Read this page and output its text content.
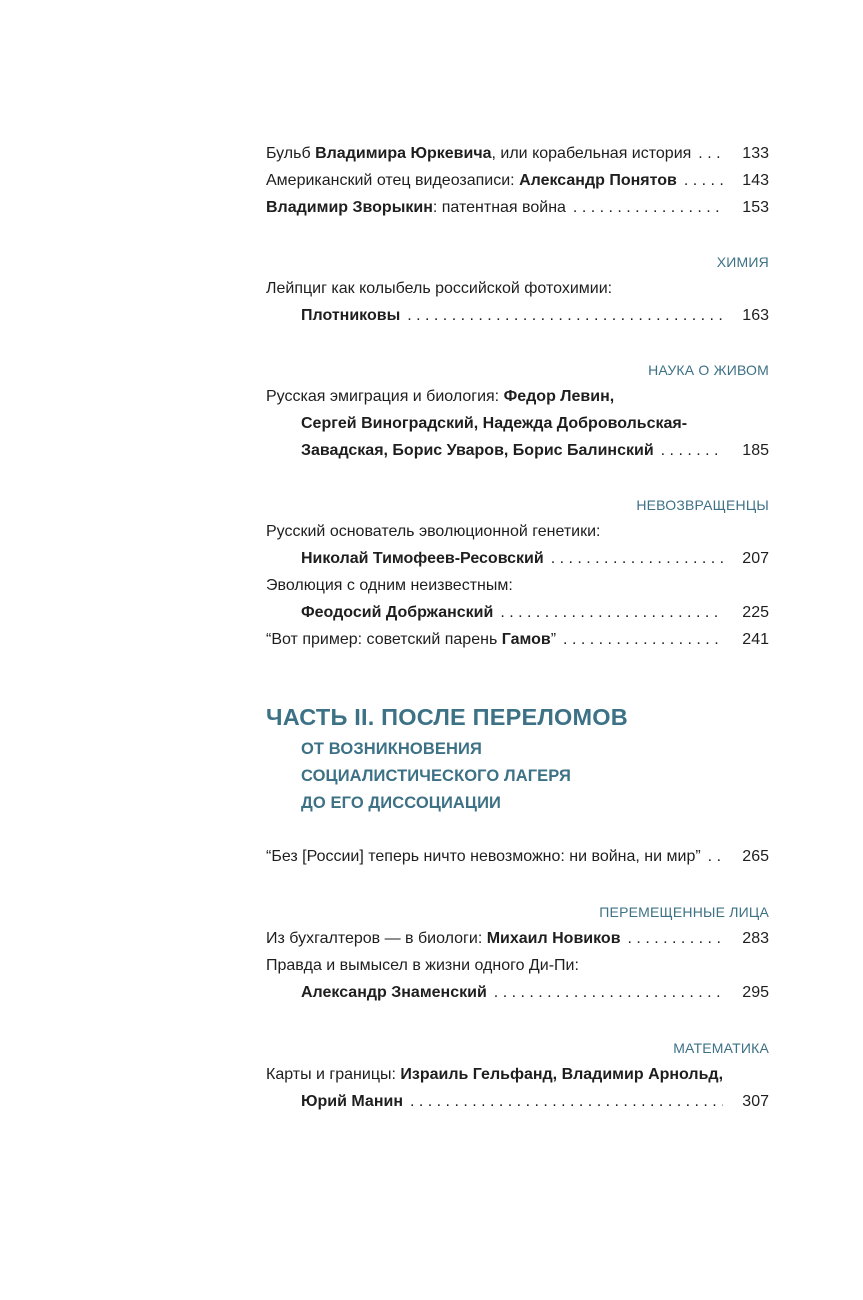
Бульб Владимира Юркевича, или корабельная история . . .	133
Американский отец видеозаписи: Александр Понятов . . .	143
Владимир Зворыкин: патентная война . . .	153
ХИМИЯ
Лейпциг как колыбель российской фотохимии:
Плотниковы . . .	163
НАУКА О ЖИВОМ
Русская эмиграция и биология: Федор Левин,
Сергей Виноградский, Надежда Добровольская-
Завадская, Борис Уваров, Борис Балинский . . .	185
НЕВОЗВРАЩЕНЦЫ
Русский основатель эволюционной генетики:
Николай Тимофеев-Ресовский . . .	207
Эволюция с одним неизвестным:
Феодосий Добржанский . . .	225
“Вот пример: советский парень Гамов” . . .	241
ЧАСТЬ II. ПОСЛЕ ПЕРЕЛОМОВ
ОТ ВОЗНИКНОВЕНИЯ
СОЦИАЛИСТИЧЕСКОГО ЛАГЕРЯ
ДО ЕГО ДИССОЦИАЦИИ
“Без [России] теперь ничто невозможно: ни война, ни мир” . . .	265
ПЕРЕМЕЩЕННЫЕ ЛИЦА
Из бухгалтеров — в биологи: Михаил Новиков . . .	283
Правда и вымысел в жизни одного Ди-Пи:
Александр Знаменский . . .	295
МАТЕМАТИКА
Карты и границы: Израиль Гельфанд, Владимир Арнольд,
Юрий Манин . . .	307
